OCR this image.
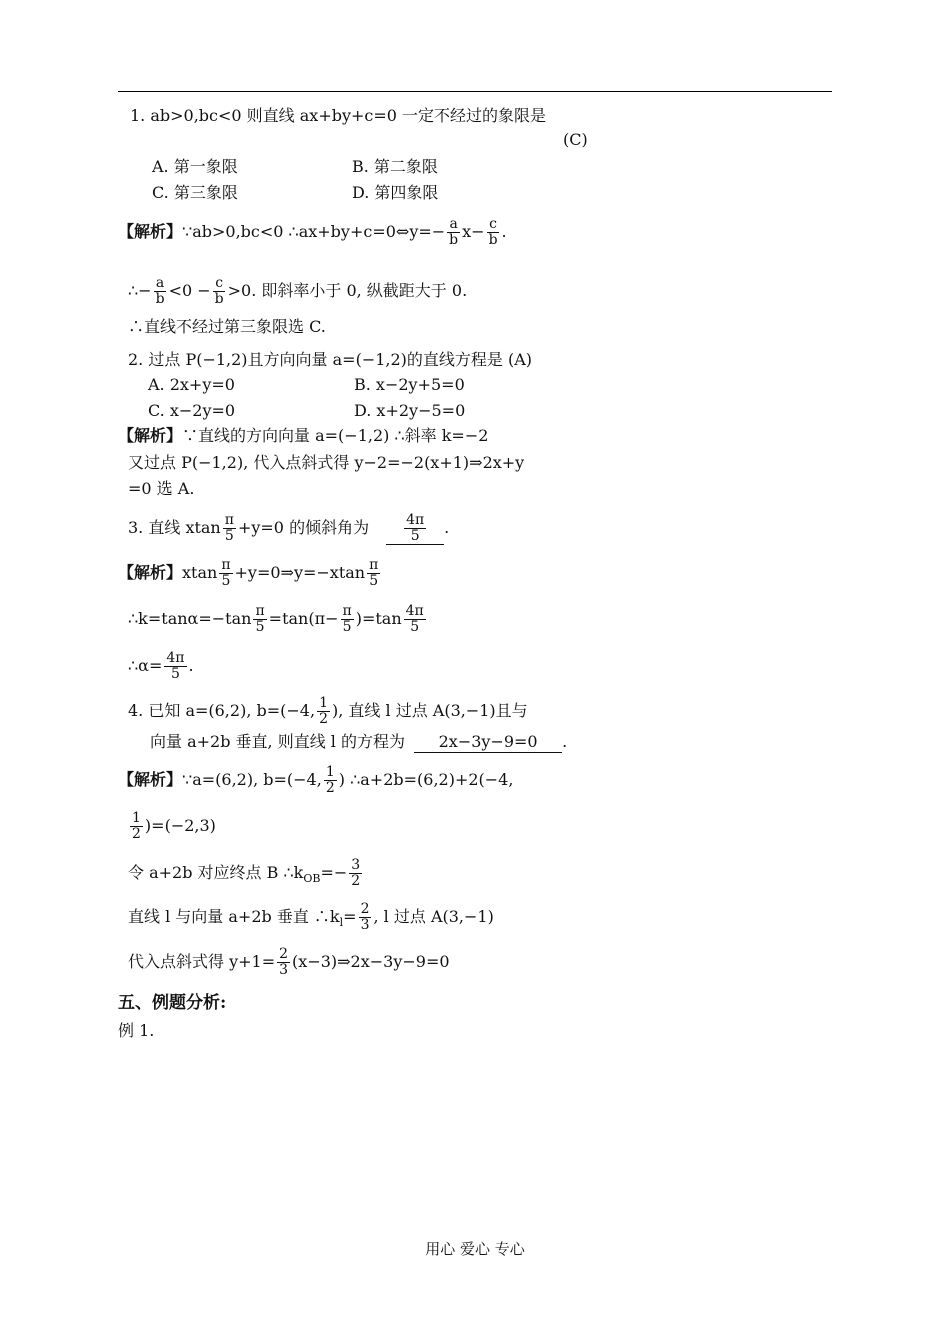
1. ab>0,bc<0 则直线 ax+by+c=0 一定不经过的象限是
(C)
A. 第一象限	B. 第二象限
C. 第三象限	D. 第四象限
【解析】∵ab>0,bc<0 ∴ax+by+c=0⇔y=− $\frac{a}{b} x- \frac{c}{b}$ .
∴− $\frac{a}{b} <0 - \frac{c}{b} >0$. 即斜率小于 0, 纵截距大于 0.
∴直线不经过第三象限选 C.
2. 过点 P(−1,2)且方向向量 a=(−1,2)的直线方程是 (A)
A. 2x+y=0	B. x−2y+5=0
C. x−2y=0	D. x+2y−5=0
【解析】∵直线的方向向量 a=(−1,2) ∴斜率 k=−2
又过点 P(−1,2), 代入点斜式得 y−2=−2(x+1)⇒2x+y
=0 选 A.
3. 直线 xtan $\frac{\pi}{5} +y=0$ 的倾斜角为	$\frac{4\pi}{5}$ .
【解析】xtan $\frac{\pi}{5}$ +y=0⇒y=−xtan $\frac{\pi}{5}$
∴k=tanα=−tan $\frac{\pi}{5} =\tan(\pi- \frac{\pi}{5} )=\tan \frac{4\pi}{5}$
∴α= $\frac{4\pi}{5}$ .
4. 已知 a=(6,2), b=(−4, $\frac{1}{2}$ ), 直线 l 过点 A(3,−1)且与
向量 a+2b 垂直, 则直线 l 的方程为 2x−3y−9=0 .
【解析】∵a=(6,2), b=(−4, $\frac{1}{2}$ ) ∴a+2b=(6,2)+2(−4,
$\frac{1}{2} )=(-2,3)$
令 a+2b 对应终点 B $\therefore k_{OB}=- \frac{3}{2}$
直线 l 与向量 a+2b 垂直 $\therefore k_l= \frac{2}{3}$ , l 过点 A(3,−1)
代入点斜式得 $y+1= \frac{2}{3}$ (x−3)⇒2x−3y−9=0
五、例题分析:
例 1.
用心 爱心 专心
